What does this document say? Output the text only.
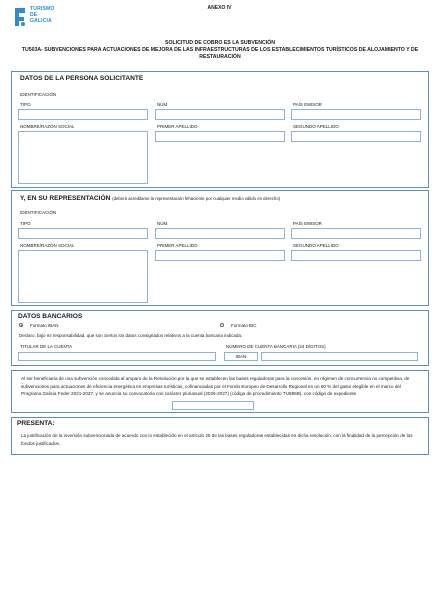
TURISMO
DE
GALICIA
ANEXO IV
SOLICITUD DE COBRO ES LA SUBVENCIÓN
TU503A- SUBVENCIONES PARA ACTUACIONES DE MEJORA DE LAS INFRAESTRUCTURAS DE LOS ESTABLECIMIENTOS TURÍSTICOS DE ALOJAMIENTO Y DE RESTAURACIÓN
DATOS DE LA PERSONA SOLICITANTE
IDENTIFICACIÓN
TIPO	NÚM.	PAÍS EMISOR
NOMBRE/RAZÓN SOCIAL	PRIMER APELLIDO	SEGUNDO APELLIDO
Y, EN SU REPRESENTACIÓN (deberá acreditarse la representación fehaciente por cualquier medio válido en derecho)
IDENTIFICACIÓN
TIPO	NÚM.	PAÍS EMISOR
NOMBRE/RAZÓN SOCIAL	PRIMER APELLIDO	SEGUNDO APELLIDO
DATOS BANCARIOS
Formato IBAN	Formato BIC
Declaro, bajo mi responsabilidad, que son ciertos los datos consignados relativos a la cuenta bancaria indicada.
TITULAR DE LA CUENTA	NÚMERO DE CUENTA BANCARIA (24 DÍGITOS)
IBAN
Al ser beneficiaria de una subvención concedida al amparo de la Resolución por la que se establecen las bases reguladoras para la concesión, en régimen de concurrencia no competitiva, de subvenciones para actuaciones de eficiencia energética en empresas turísticas, cofinanciadas por el Fondo Europeo de Desarrollo Regional en un 60 % del gasto elegible en el marco del Programa Galicia Feder 2021-2027, y se anuncia su convocatoria con carácter plurianual (2026-2027) (código de procedimiento TU986B), con código de expediente
PRESENTA:
La justificación de la inversión subvencionada de acuerdo con lo establecido en el artículo 25 de las bases reguladoras establecidas en dicha resolución, con la finalidad de la percepción de los fondos justificados.
